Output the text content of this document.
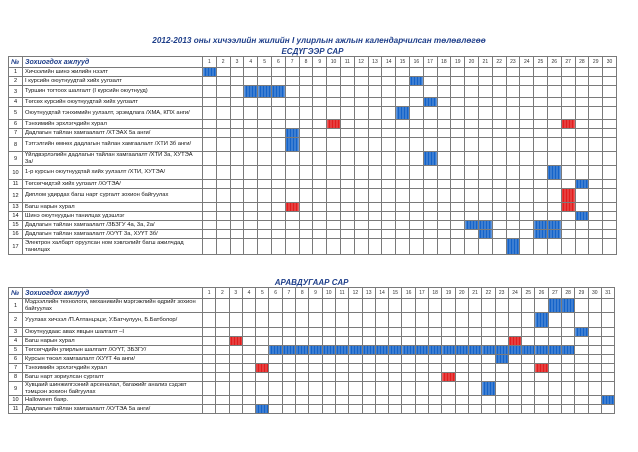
2012-2013 оны хичээлийн жилийн I улирлын ажлын календарчилсан төлөвлөгөө
ЕСДҮГЭЭР САР																															
№	Зохиогдох ажлууд	1	2	3	4	5	6	7	8	9	10	11	12	13	14	15	16	17	18	19	20	21	22	23	24	25	26	27	28	29	30
1	Хичээлийн шинэ жилийн нээлт																														
2	I курсийн оюутнуудтай хийх уулзалт																														
3	Туршин тогтоох шалгалт (I курсийн оюутнууд)																														
4	Төгсөх курсийн оюутнуудтай хийх уулзалт																														
5	Оюутнуудтай тэнхимийн уулзалт, эрэмдлага /ХМА, КПХ анги/																														
6	Тэнхимийн эрхлэгчдийн хурал																														
7	Дадлагын тайлан хамгаалалт /ХТЭАХ 5а анги/																														
8	Тэтгэлгийн өмнөх дадлагын тайлан хамгаалалт /ХТИ 3б анги/																														
9	Үйлдвэрлэлийн дадлагын тайлан хамгаалалт /ХТИ 3а, ХУТЭА 3а/																														
10	1-р курсын оюутнуудтай хийх уулзалт /ХТИ, ХУТЭА/																														
11	Төгсөгчидтэй хийх уулзалт /ХУТЭА/																														
12	Диплом удирдах багш нарт сургалт зохион байгуулах																														
13	Багш нарын хурал																														
14	Шинэ оюутнуудын танилцах удэшлэг																														
15	Дадлагын тайлан хамгаалалт /ЗБЗГУ 4а, 3а, 2а/																														
16	Дадлагын тайлан хамгаалалт /ХУҮТ 3а, ХУҮТ 3б/																														
17	Электрон халбарт оруулсан ном хэвлэлийг багш ажилчдад танилцах																														
АРАВДУГААР САР																																
№	Зохиогдох ажлууд	1	2	3	4	5	6	7	8	9	10	11	12	13	14	15	16	17	18	19	20	21	22	23	24	25	26	27	28	29	30	31
1	Мэдээллийн технологи, механикийн мэргэжлийн өдрийг зохион байгуулах																															
2	Ууулзах хичээл /П.Алтанцэцэг, У.Батчулуун, Б.Батболор/																															
3	Оюутнуудаас авах явцын шалгалт –I																															
4	Багш нарын хурал																															
5	Төгсөгчдийн улирлын шалгалт /ХУҮТ, ЗБЗГУ/																															
6	Курсын төсөл хамгаалалт /ХУҮТ 4а анги/																															
7	Тэнхимийн эрхлэгчдийн хурал																															
8	Багш нарт зориулсан сургалт																															
9	Хувцаий шинжилгээний арсеналал, багажийг анализ сэдэвт тэмцээн зохион байгуулах																															
10	Halloween баяр.																															
11	Дадлагын тайлан хамгаалалт /ХУТЭА 5а анги/																															
